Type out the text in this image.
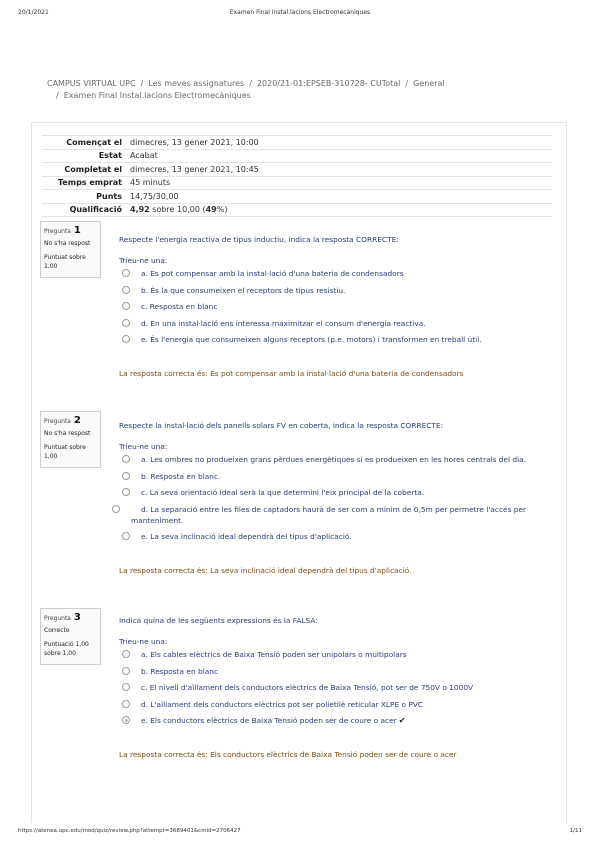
20/1/2021	Examen Final Instal.lacions Electromecàniques
CAMPUS VIRTUAL UPC / Les meves assignatures / 2020/21-01:EPSEB-310728- CUTotal / General
/ Examen Final Instal.lacions Electromecàniques
Començat el	dimecres, 13 gener 2021, 10:00
Estat	Acabat
Completat el	dimecres, 13 gener 2021, 10:45
Temps emprat	45 minuts
Punts	14,75/30,00
Qualificació	4,92 sobre 10,00 (49%)
Pregunta 1
No s'ha respost
Puntuat sobre 1,00
Respecte l'energia reactiva de tipus inductiu, indica la resposta CORRECTE:
Trieu-ne una:
a. Es pot compensar amb la instal·lació d'una bateria de condensadors
b. És la que consumeixen el receptors de tipus resistiu.
c. Resposta en blanc
d. En una instal·lació ens interessa maximitzar el consum d'energia reactiva.
e. És l'energia que consumeixen alguns receptors (p.e. motors) i transformen en treball útil.
La resposta correcta és: Es pot compensar amb la instal·lació d'una bateria de condensadors
Pregunta 2
No s'ha respost
Puntuat sobre 1,00
Respecte la instal·lació dels panells solars FV en coberta, indica la resposta CORRECTE:
Trieu-ne una:
a. Les ombres no produeixen grans pèrdues energètiques si es produeixen en les hores centrals del dia.
b. Resposta en blanc.
c. La seva orientació ideal serà la que determini l'eix principal de la coberta.
d. La separació entre les files de captadors haurà de ser com a mínim de 0,5m per permetre l'accés per manteniment.
e. La seva inclinació ideal dependrà del tipus d'aplicació.
La resposta correcta és: La seva inclinació ideal dependrà del tipus d'aplicació.
Pregunta 3
Correcte
Puntuació 1,00 sobre 1,00
Indica quina de les següents expressions és la FALSA:
Trieu-ne una:
a. Els cables elèctrics de Baixa Tensió poden ser unipolars o multipolars
b. Resposta en blanc
c. El nivell d'aïllament dels conductors elèctrics de Baixa Tensió, pot ser de 750V o 1000V
d. L'aïllament dels conductors elèctrics pot ser polietilè reticular XLPE o PVC
e. Els conductors elèctrics de Baixa Tensió poden ser de coure o acer ✔
La resposta correcta és: Els conductors elèctrics de Baixa Tensió poden ser de coure o acer
https://atenea.upc.edu/mod/quiz/review.php?attempt=3689401&cmid=2706427	1/11
